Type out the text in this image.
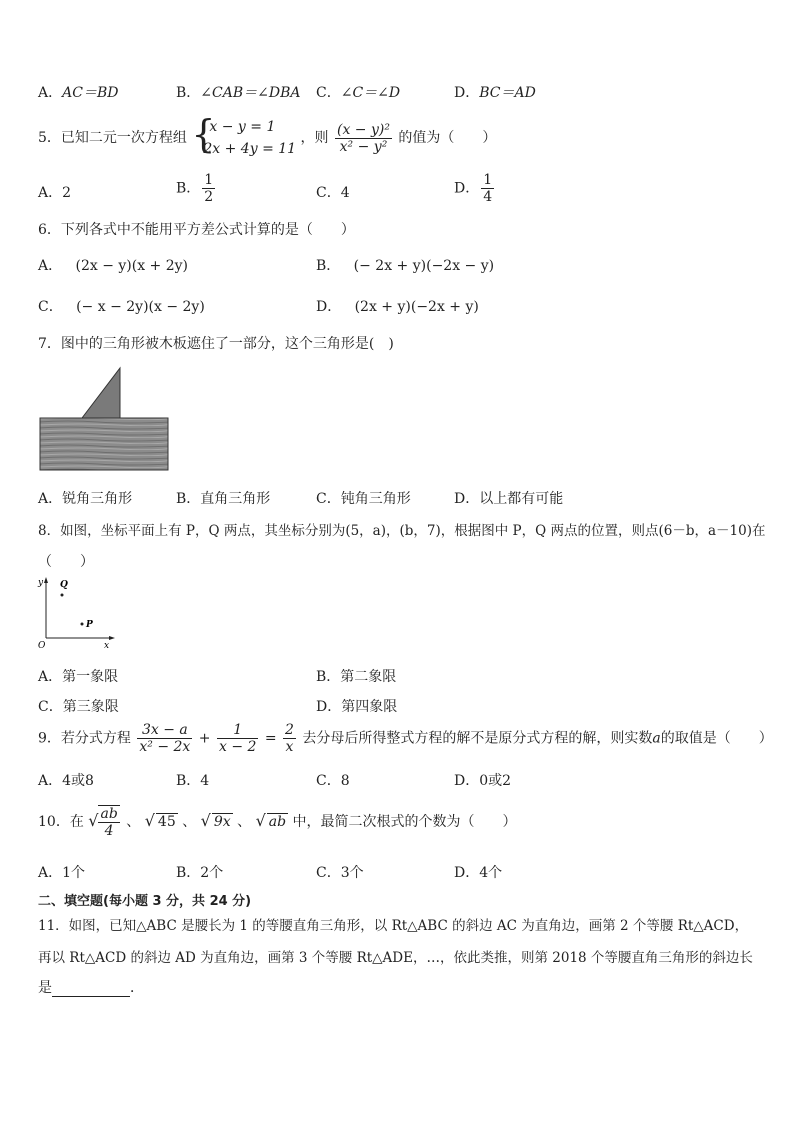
A．AC＝BD	B．∠CAB＝∠DBA C．∠C＝∠D	D．BC＝AD
5．已知二元一次方程组 {
x − y = 1
2x + 4y = 11
，则 $\frac{\text{(x − y)²}}{\text{x² − y²}}$ 的值为（　　）
A．2	B． $\frac{1}{2}$	C．4	D． $\frac{1}{4}$
6．下列各式中不能用平方差公式计算的是（　　）
A． (2x − y)(x + 2y)	B． (− 2x + y)(−2x − y)
C． (− x − 2y)(x − 2y)	D． (2x + y)(−2x + y)
7．图中的三角形被木板遮住了一部分，这个三角形是(　)
A．锐角三角形	B．直角三角形	C．钝角三角形	D．以上都有可能
8．如图，坐标平面上有 P，Q 两点，其坐标分别为(5，a)，(b，7)，根据图中 P，Q 两点的位置，则点(6－b，a－10)在
（　　）
y
x
O
Q
P
A．第一象限	B．第二象限
C．第三象限	D．第四象限
9．若分式方程 $\frac{3x - a}{\text{x² − 2x}} + \frac{1}{x - 2} = \frac{2}{x}$ 去分母后所得整式方程的解不是原分式方程的解，则实数a的取值是（　　）
A．4或8	B．4	C．8	D．0或2
10．在 √ $\frac{ab}{4}$ 、 √ 45 、 √ 9x 、 √ ab 中，最简二次根式的个数为（　　）
A．1个	B．2个	C．3个	D．4个
二、填空题(每小题 3 分，共 24 分)
11．如图，已知△ABC 是腰长为 1 的等腰直角三角形，以 Rt△ABC 的斜边 AC 为直角边，画第 2 个等腰 Rt△ACD，
再以 Rt△ACD 的斜边 AD 为直角边，画第 3 个等腰 Rt△ADE，…，依此类推，则第 2018 个等腰直角三角形的斜边长
是	．
